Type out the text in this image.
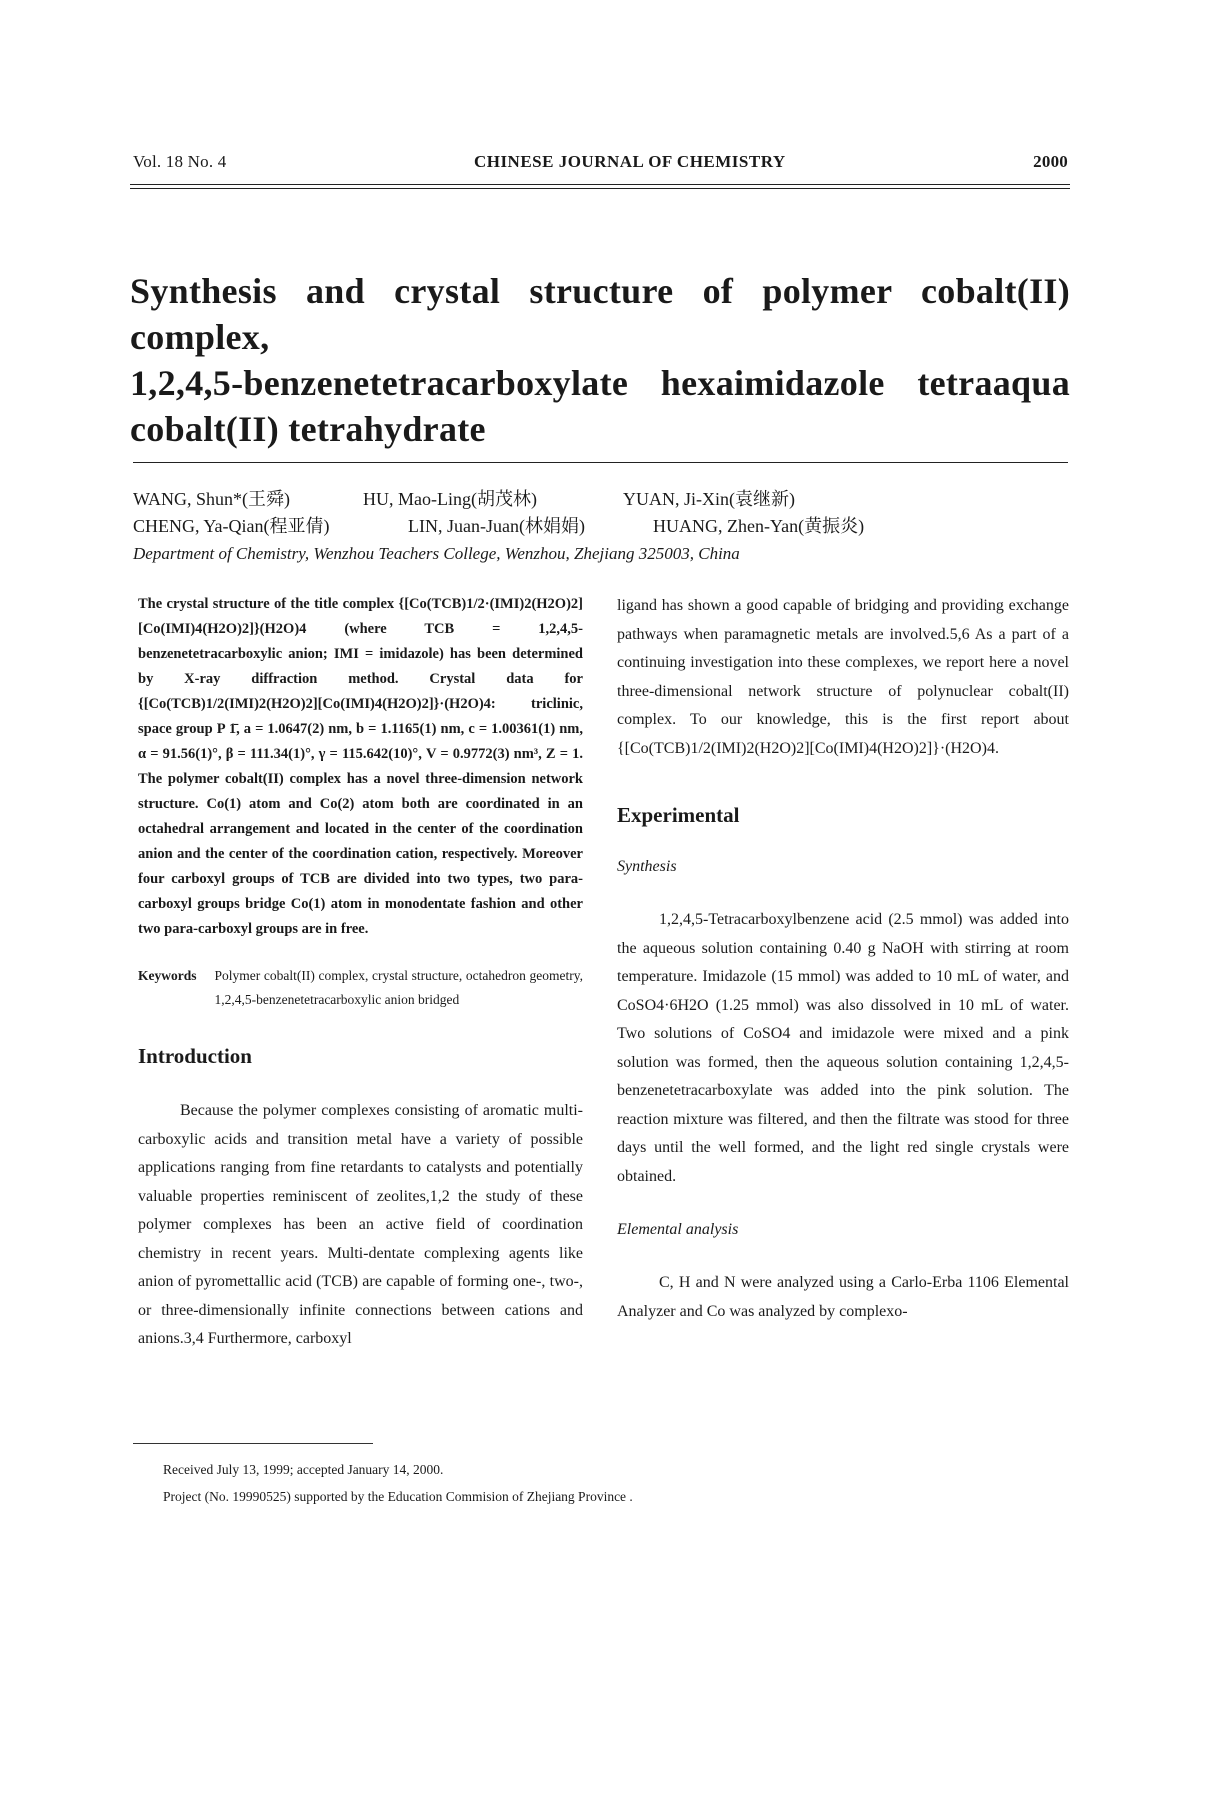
Vol. 18 No. 4	CHINESE JOURNAL OF CHEMISTRY	2000
Synthesis and crystal structure of polymer cobalt(II) complex,
1,2,4,5-benzenetetracarboxylate hexaimidazole tetraaqua
cobalt(II) tetrahydrate
WANG, Shun*(王舜)	HU, Mao-Ling(胡茂林)	YUAN, Ji-Xin(袁继新)
CHENG, Ya-Qian(程亚倩)	LIN, Juan-Juan(林娟娟)	HUANG, Zhen-Yan(黄振炎)
Department of Chemistry, Wenzhou Teachers College, Wenzhou, Zhejiang 325003, China
The crystal structure of the title complex {[Co(TCB)1/2·(IMI)2(H2O)2][Co(IMI)4(H2O)2]}(H2O)4 (where TCB = 1,2,4,5-benzenetetracarboxylic anion; IMI = imidazole) has been determined by X-ray diffraction method. Crystal data for {[Co(TCB)1/2(IMI)2(H2O)2][Co(IMI)4(H2O)2]}·(H2O)4: triclinic, space group P 1̄, a = 1.0647(2) nm, b = 1.1165(1) nm, c = 1.00361(1) nm, α = 91.56(1)°, β = 111.34(1)°, γ = 115.642(10)°, V = 0.9772(3) nm³, Z = 1. The polymer cobalt(II) complex has a novel three-dimension network structure. Co(1) atom and Co(2) atom both are coordinated in an octahedral arrangement and located in the center of the coordination anion and the center of the coordination cation, respectively. Moreover four carboxyl groups of TCB are divided into two types, two para-carboxyl groups bridge Co(1) atom in monodentate fashion and other two para-carboxyl groups are in free.
Keywords Polymer cobalt(II) complex, crystal structure, octahedron geometry, 1,2,4,5-benzenetetracarboxylic anion bridged
Introduction
Because the polymer complexes consisting of aromatic multi-carboxylic acids and transition metal have a variety of possible applications ranging from fine retardants to catalysts and potentially valuable properties reminiscent of zeolites,1,2 the study of these polymer complexes has been an active field of coordination chemistry in recent years. Multi-dentate complexing agents like anion of pyromettallic acid (TCB) are capable of forming one-, two-, or three-dimensionally infinite connections between cations and anions.3,4 Furthermore, carboxyl
ligand has shown a good capable of bridging and providing exchange pathways when paramagnetic metals are involved.5,6 As a part of a continuing investigation into these complexes, we report here a novel three-dimensional network structure of polynuclear cobalt(II) complex. To our knowledge, this is the first report about {[Co(TCB)1/2(IMI)2(H2O)2][Co(IMI)4(H2O)2]}·(H2O)4.
Experimental
Synthesis
1,2,4,5-Tetracarboxylbenzene acid (2.5 mmol) was added into the aqueous solution containing 0.40 g NaOH with stirring at room temperature. Imidazole (15 mmol) was added to 10 mL of water, and CoSO4·6H2O (1.25 mmol) was also dissolved in 10 mL of water. Two solutions of CoSO4 and imidazole were mixed and a pink solution was formed, then the aqueous solution containing 1,2,4,5-benzenetetracarboxylate was added into the pink solution. The reaction mixture was filtered, and then the filtrate was stood for three days until the well formed, and the light red single crystals were obtained.
Elemental analysis
C, H and N were analyzed using a Carlo-Erba 1106 Elemental Analyzer and Co was analyzed by complexo-
Received July 13, 1999; accepted January 14, 2000.
Project (No. 19990525) supported by the Education Commision of Zhejiang Province .
